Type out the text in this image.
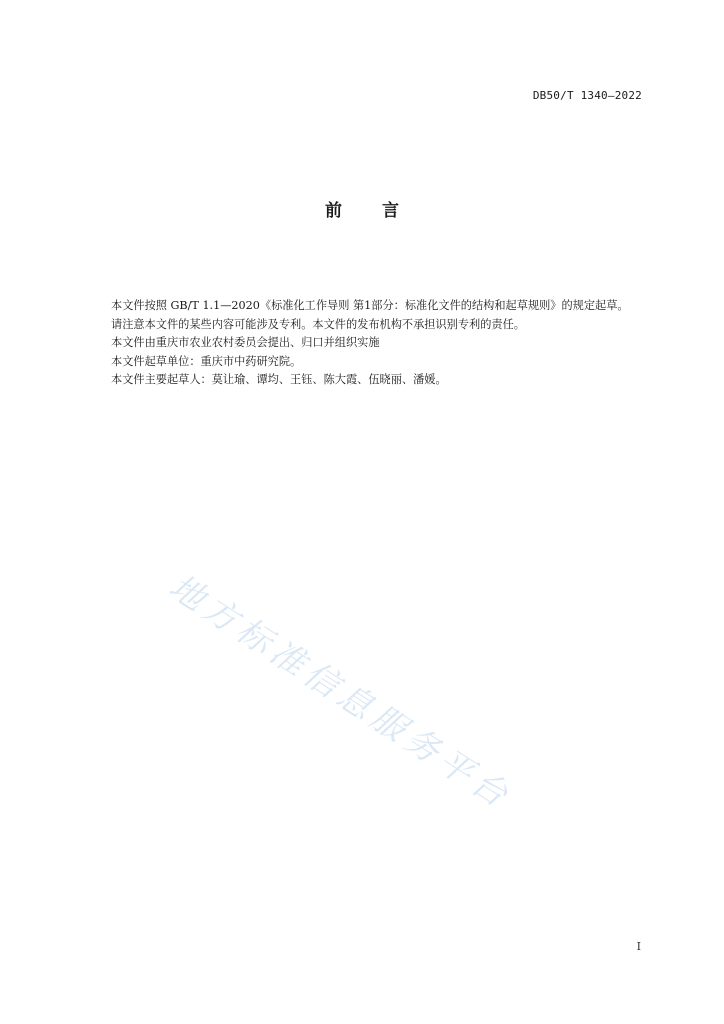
DB50/T 1340—2022
前言

本文件按照 GB/T 1.1—2020《标准化工作导则 第1部分：标准化文件的结构和起草规则》的规定起草。

请注意本文件的某些内容可能涉及专利。本文件的发布机构不承担识别专利的责任。

本文件由重庆市农业农村委员会提出、归口并组织实施

本文件起草单位：重庆市中药研究院。

本文件主要起草人：莫让瑜、谭均、王钰、陈大霞、伍晓丽、潘媛。

地方标准信息服务平台
I
